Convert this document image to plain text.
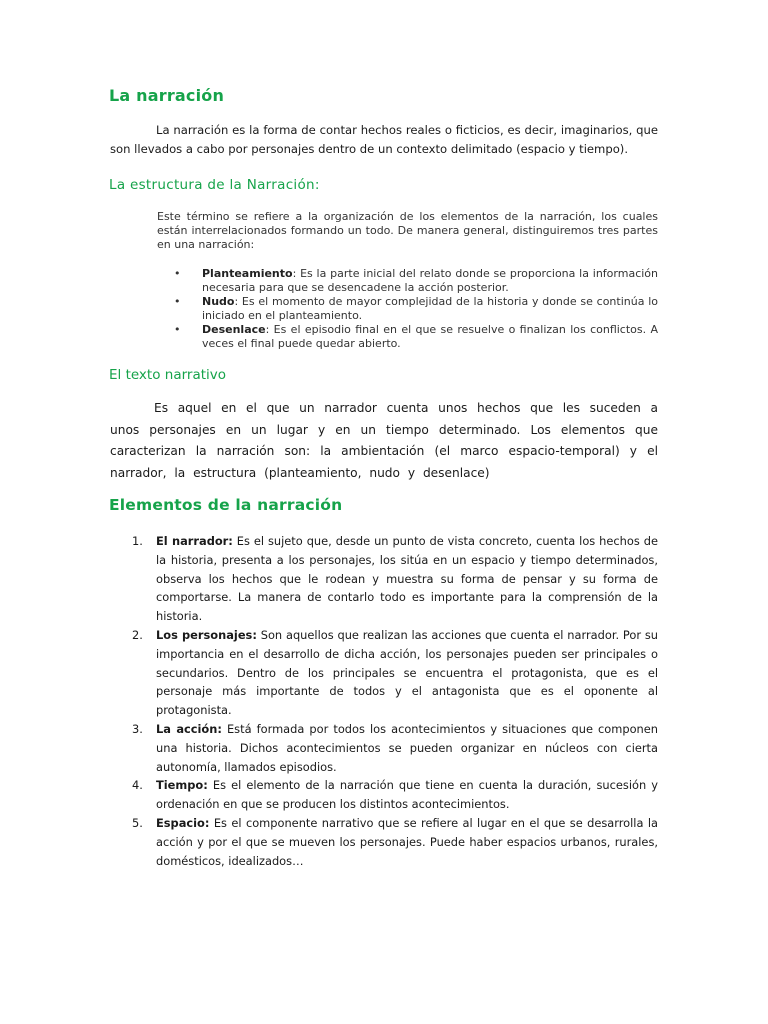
La narración

La narración es la forma de contar hechos reales o ficticios, es decir, imaginarios, que son llevados a cabo por personajes dentro de un contexto delimitado (espacio y tiempo).

La estructura de la Narración:

Este término se refiere a la organización de los elementos de la narración, los cuales están interrelacionados formando un todo. De manera general, distinguiremos tres partes en una narración:

• Planteamiento: Es la parte inicial del relato donde se proporciona la información necesaria para que se desencadene la acción posterior.
• Nudo: Es el momento de mayor complejidad de la historia y donde se continúa lo iniciado en el planteamiento.
• Desenlace: Es el episodio final en el que se resuelve o finalizan los conflictos. A veces el final puede quedar abierto.
El texto narrativo

Es aquel en el que un narrador cuenta unos hechos que les suceden a unos personajes en un lugar y en un tiempo determinado. Los elementos que caracterizan la narración son: la ambientación (el marco espacio-temporal) y el narrador, la estructura (planteamiento, nudo y desenlace)

Elementos de la narración
1. El narrador: Es el sujeto que, desde un punto de vista concreto, cuenta los hechos de la historia, presenta a los personajes, los sitúa en un espacio y tiempo determinados, observa los hechos que le rodean y muestra su forma de pensar y su forma de comportarse. La manera de contarlo todo es importante para la comprensión de la historia.
2. Los personajes: Son aquellos que realizan las acciones que cuenta el narrador. Por su importancia en el desarrollo de dicha acción, los personajes pueden ser principales o secundarios. Dentro de los principales se encuentra el protagonista, que es el personaje más importante de todos y el antagonista que es el oponente al protagonista.
3. La acción: Está formada por todos los acontecimientos y situaciones que componen una historia. Dichos acontecimientos se pueden organizar en núcleos con cierta autonomía, llamados episodios.
4. Tiempo: Es el elemento de la narración que tiene en cuenta la duración, sucesión y ordenación en que se producen los distintos acontecimientos.
5. Espacio: Es el componente narrativo que se refiere al lugar en el que se desarrolla la acción y por el que se mueven los personajes. Puede haber espacios urbanos, rurales, domésticos, idealizados…
